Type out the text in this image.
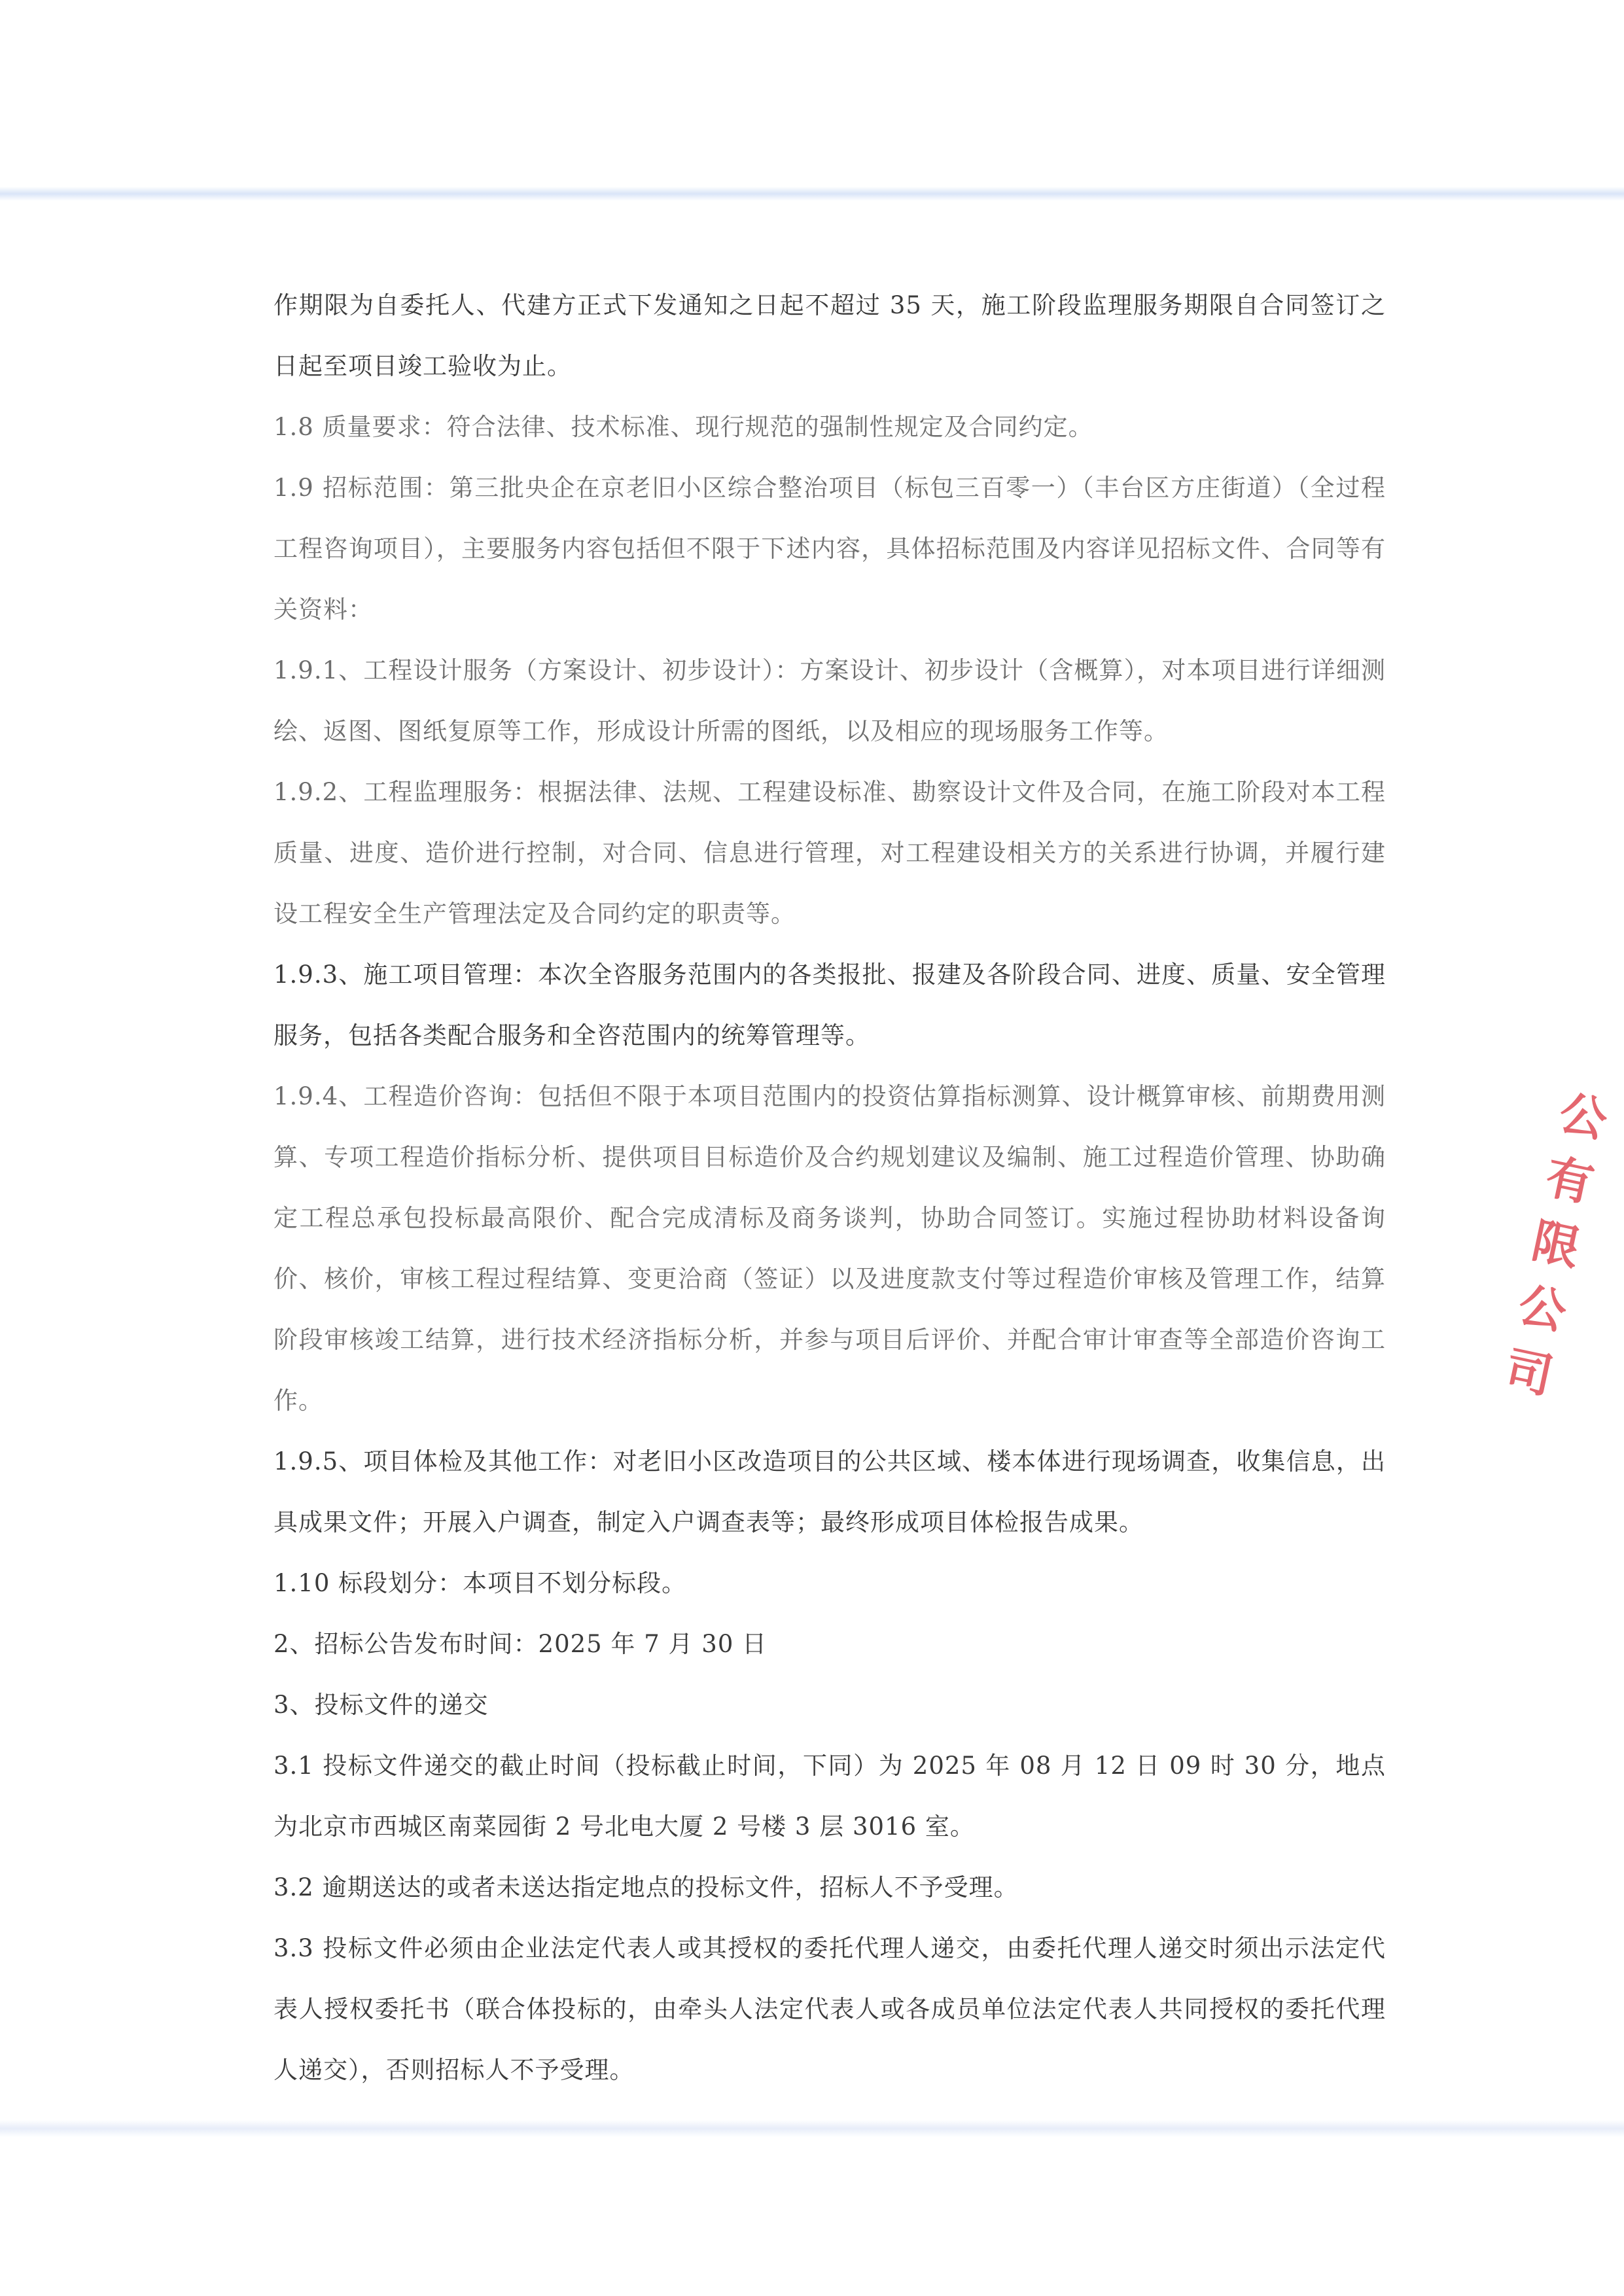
作期限为自委托人、代建方正式下发通知之日起不超过 35 天，施工阶段监理服务期限自合同签订之日起至项目竣工验收为止。

1.8 质量要求：符合法律、技术标准、现行规范的强制性规定及合同约定。

1.9 招标范围：第三批央企在京老旧小区综合整治项目（标包三百零一）（丰台区方庄街道）（全过程工程咨询项目），主要服务内容包括但不限于下述内容，具体招标范围及内容详见招标文件、合同等有关资料：

1.9.1、工程设计服务（方案设计、初步设计）：方案设计、初步设计（含概算），对本项目进行详细测绘、返图、图纸复原等工作，形成设计所需的图纸，以及相应的现场服务工作等。

1.9.2、工程监理服务：根据法律、法规、工程建设标准、勘察设计文件及合同，在施工阶段对本工程质量、进度、造价进行控制，对合同、信息进行管理，对工程建设相关方的关系进行协调，并履行建设工程安全生产管理法定及合同约定的职责等。

1.9.3、施工项目管理：本次全咨服务范围内的各类报批、报建及各阶段合同、进度、质量、安全管理服务，包括各类配合服务和全咨范围内的统筹管理等。

1.9.4、工程造价咨询：包括但不限于本项目范围内的投资估算指标测算、设计概算审核、前期费用测算、专项工程造价指标分析、提供项目目标造价及合约规划建议及编制、施工过程造价管理、协助确定工程总承包投标最高限价、配合完成清标及商务谈判，协助合同签订。实施过程协助材料设备询价、核价，审核工程过程结算、变更洽商（签证）以及进度款支付等过程造价审核及管理工作，结算阶段审核竣工结算，进行技术经济指标分析，并参与项目后评价、并配合审计审查等全部造价咨询工作。

1.9.5、项目体检及其他工作：对老旧小区改造项目的公共区域、楼本体进行现场调查，收集信息，出具成果文件；开展入户调查，制定入户调查表等；最终形成项目体检报告成果。

1.10 标段划分：本项目不划分标段。

2、招标公告发布时间：2025 年 7 月 30 日

3、投标文件的递交

3.1 投标文件递交的截止时间（投标截止时间，下同）为 2025 年 08 月 12 日 09 时 30 分，地点为北京市西城区南菜园街 2 号北电大厦 2 号楼 3 层 3016 室。

3.2 逾期送达的或者未送达指定地点的投标文件，招标人不予受理。

3.3 投标文件必须由企业法定代表人或其授权的委托代理人递交，由委托代理人递交时须出示法定代表人授权委托书（联合体投标的，由牵头人法定代表人或各成员单位法定代表人共同授权的委托代理人递交），否则招标人不予受理。

公
有
限
公
司
